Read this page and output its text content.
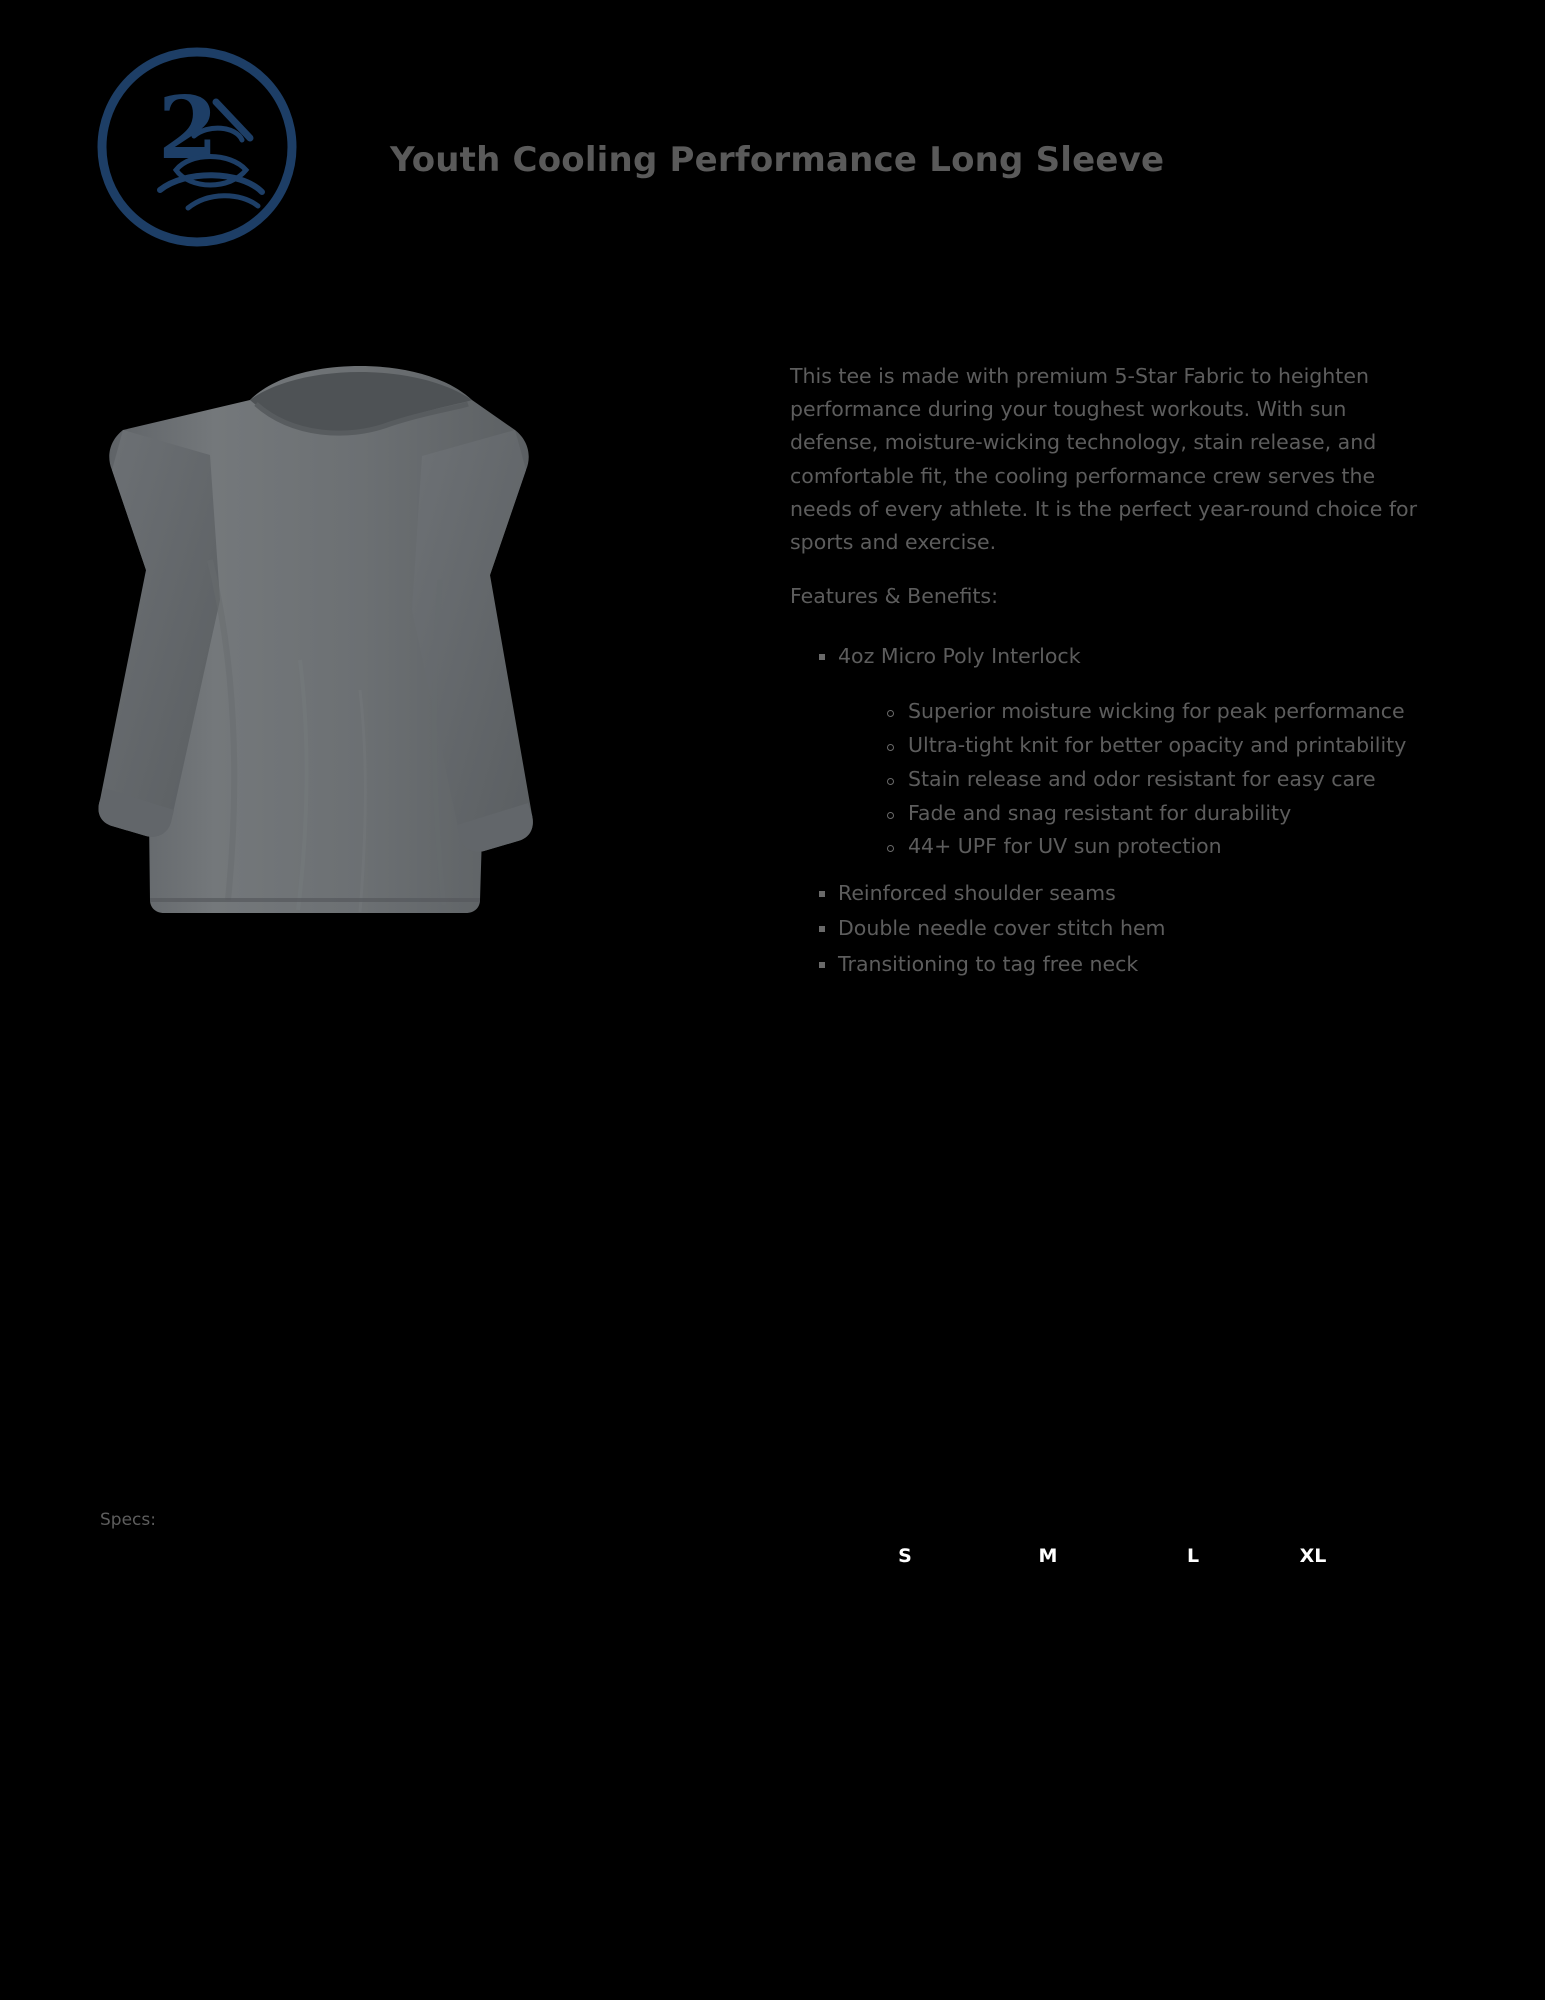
2	Youth Cooling Performance Long Sleeve

This tee is made with premium 5-Star Fabric to heighten performance during your toughest workouts. With sun defense, moisture-wicking technology, stain release, and comfortable fit, the cooling performance crew serves the needs of every athlete. It is the perfect year-round choice for sports and exercise.

Features & Benefits:

4oz Micro Poly Interlock
Superior moisture wicking for peak performance
Ultra-tight knit for better opacity and printability
Stain release and odor resistant for easy care
Fade and snag resistant for durability
44+ UPF for UV sun protection
Reinforced shoulder seams
Double needle cover stitch hem
Transitioning to tag free neck
Specs:
S	M	L	XL
